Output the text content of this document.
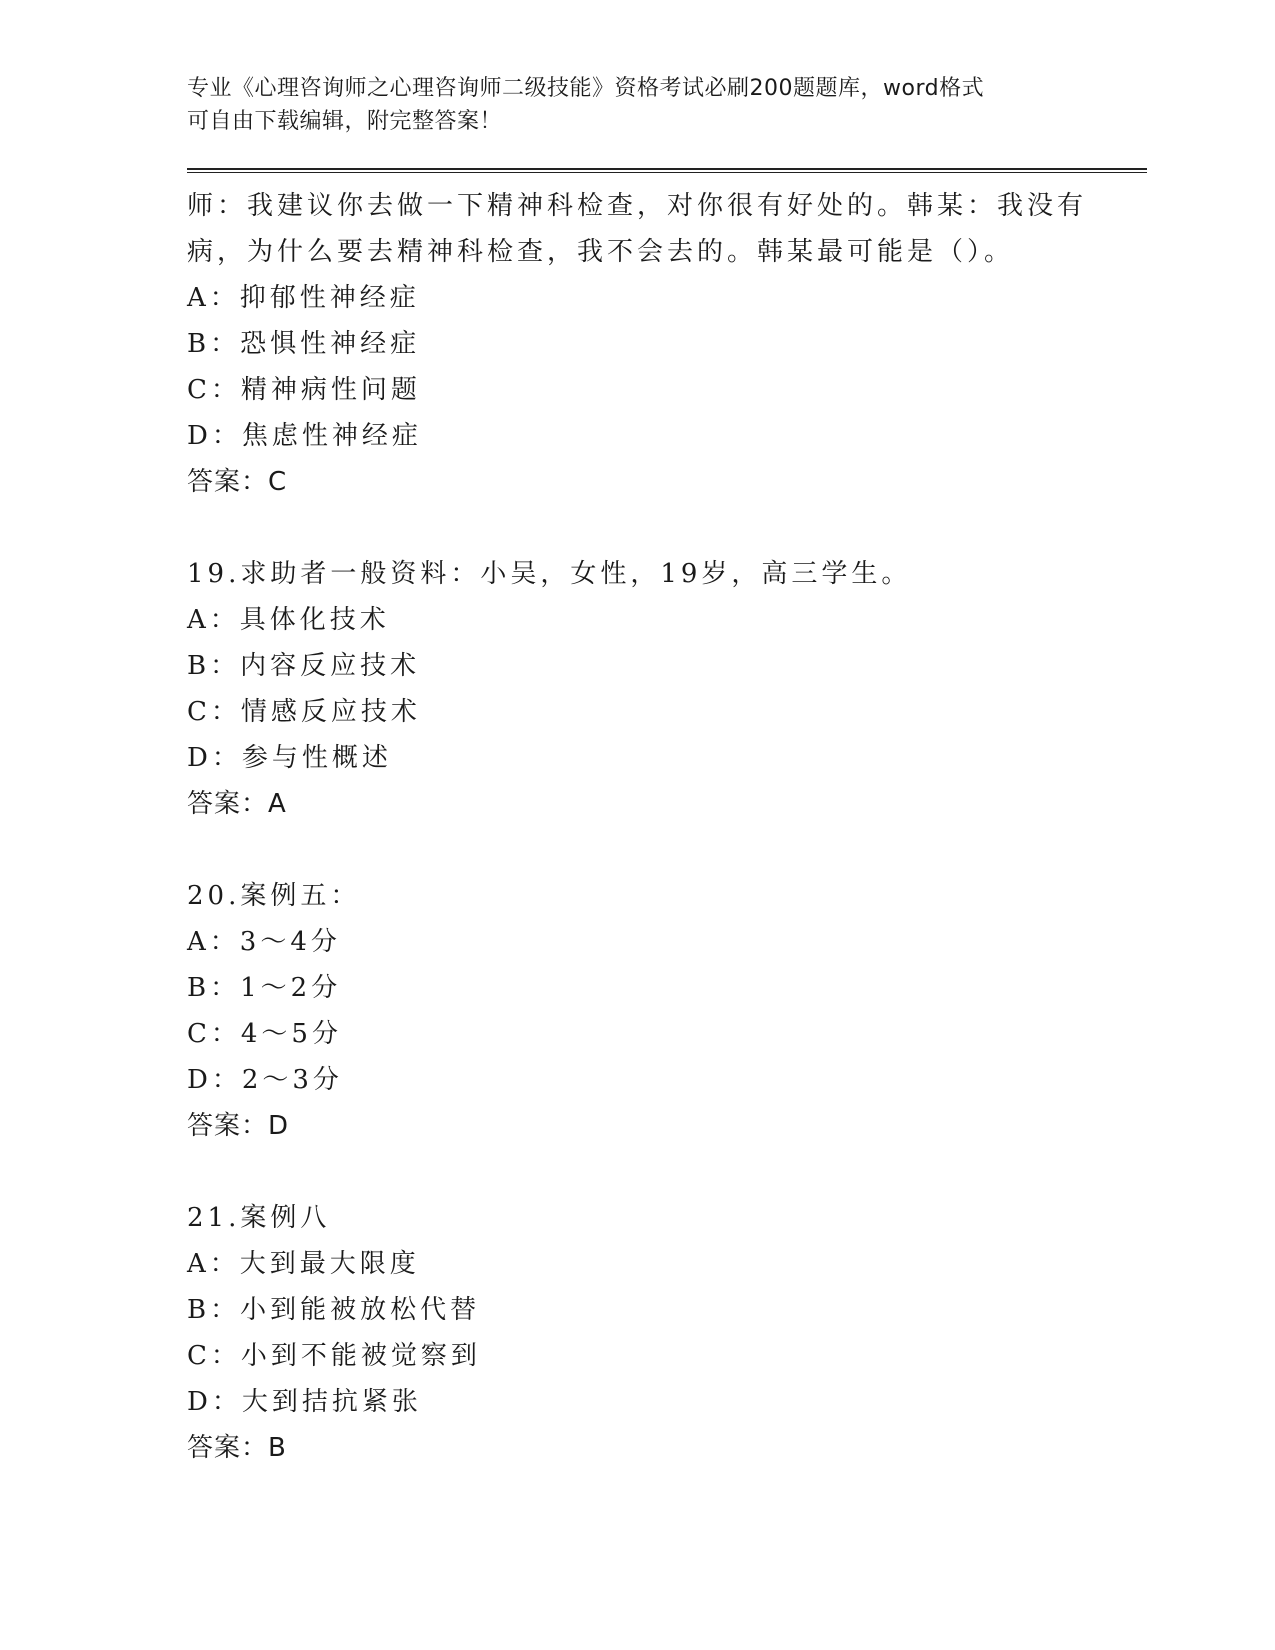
专业《心理咨询师之心理咨询师二级技能》资格考试必刷200题题库，word格式
可自由下载编辑，附完整答案！
师：我建议你去做一下精神科检查，对你很有好处的。韩某：我没有
病，为什么要去精神科检查，我不会去的。韩某最可能是（）。
A：抑郁性神经症
B：恐惧性神经症
C：精神病性问题
D：焦虑性神经症
答案：C
19.求助者一般资料：小吴，女性，19岁，高三学生。
A：具体化技术
B：内容反应技术
C：情感反应技术
D：参与性概述
答案：A
20.案例五：
A：3～4分
B：1～2分
C：4～5分
D：2～3分
答案：D
21.案例八
A：大到最大限度
B：小到能被放松代替
C：小到不能被觉察到
D：大到拮抗紧张
答案：B
